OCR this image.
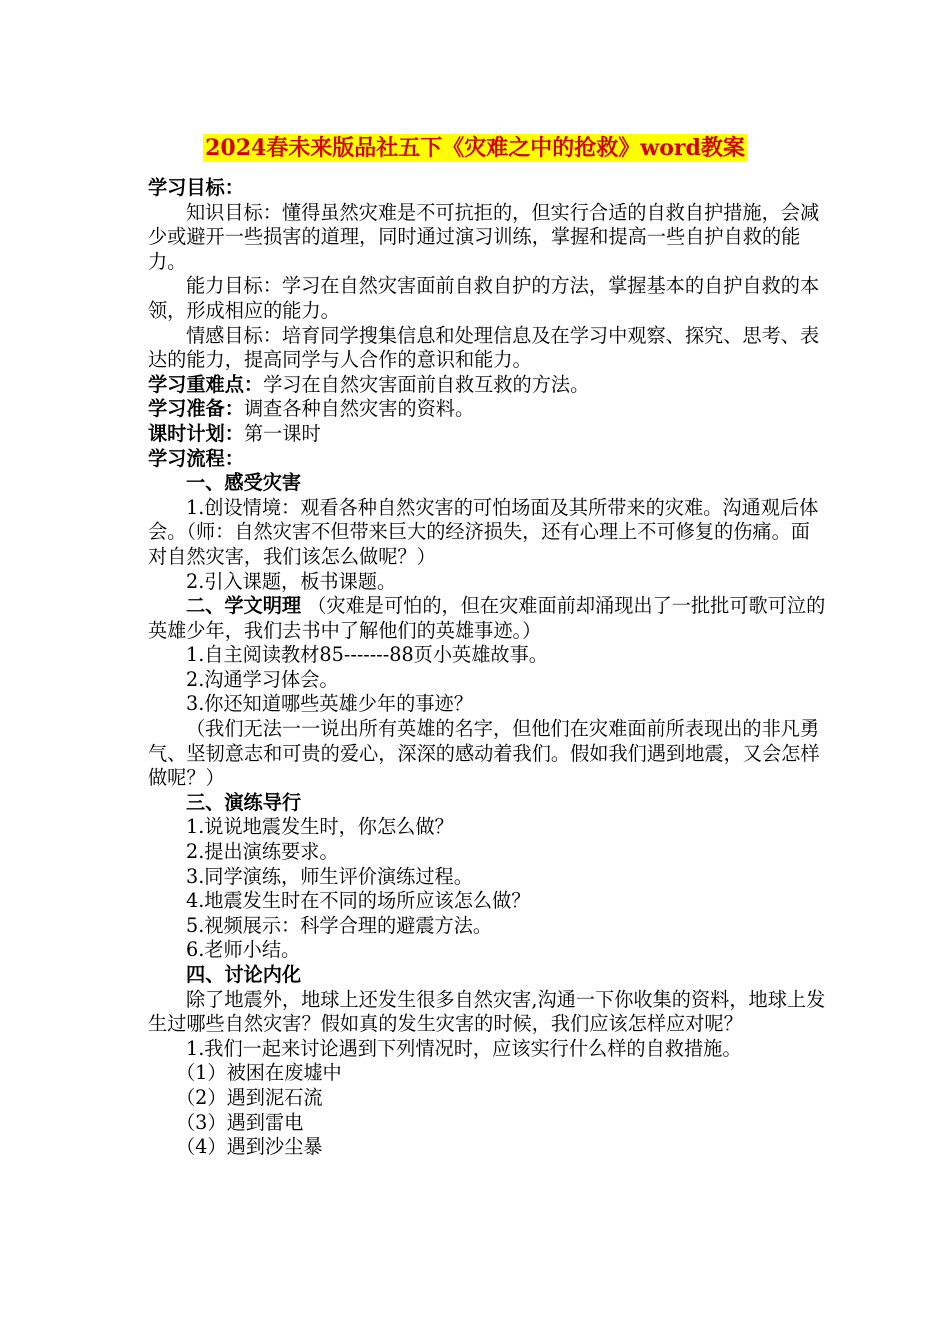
2024春未来版品社五下《灾难之中的抢救》word教案

学习目标：

知识目标：懂得虽然灾难是不可抗拒的，但实行合适的自救自护措施，会减少或避开一些损害的道理，同时通过演习训练，掌握和提高一些自护自救的能力。

能力目标：学习在自然灾害面前自救自护的方法，掌握基本的自护自救的本领，形成相应的能力。

情感目标：培育同学搜集信息和处理信息及在学习中观察、探究、思考、表达的能力，提高同学与人合作的意识和能力。

学习重难点：学习在自然灾害面前自救互救的方法。

学习准备：调查各种自然灾害的资料。

课时计划：第一课时

学习流程：

一、感受灾害

1.创设情境：观看各种自然灾害的可怕场面及其所带来的灾难。沟通观后体会。（师：自然灾害不但带来巨大的经济损失，还有心理上不可修复的伤痛。面对自然灾害，我们该怎么做呢？）

2.引入课题，板书课题。

二、学文明理 （灾难是可怕的，但在灾难面前却涌现出了一批批可歌可泣的英雄少年，我们去书中了解他们的英雄事迹。）

1.自主阅读教材85-------88页小英雄故事。

2.沟通学习体会。

3.你还知道哪些英雄少年的事迹？

（我们无法一一说出所有英雄的名字，但他们在灾难面前所表现出的非凡勇气、坚韧意志和可贵的爱心，深深的感动着我们。假如我们遇到地震，又会怎样做呢？）

三、演练导行

1.说说地震发生时，你怎么做？

2.提出演练要求。

3.同学演练，师生评价演练过程。

4.地震发生时在不同的场所应该怎么做？

5.视频展示：科学合理的避震方法。

6.老师小结。

四、讨论内化

除了地震外，地球上还发生很多自然灾害,沟通一下你收集的资料，地球上发生过哪些自然灾害？假如真的发生灾害的时候，我们应该怎样应对呢？

1.我们一起来讨论遇到下列情况时，应该实行什么样的自救措施。

（1）被困在废墟中

（2）遇到泥石流

（3）遇到雷电

（4）遇到沙尘暴
